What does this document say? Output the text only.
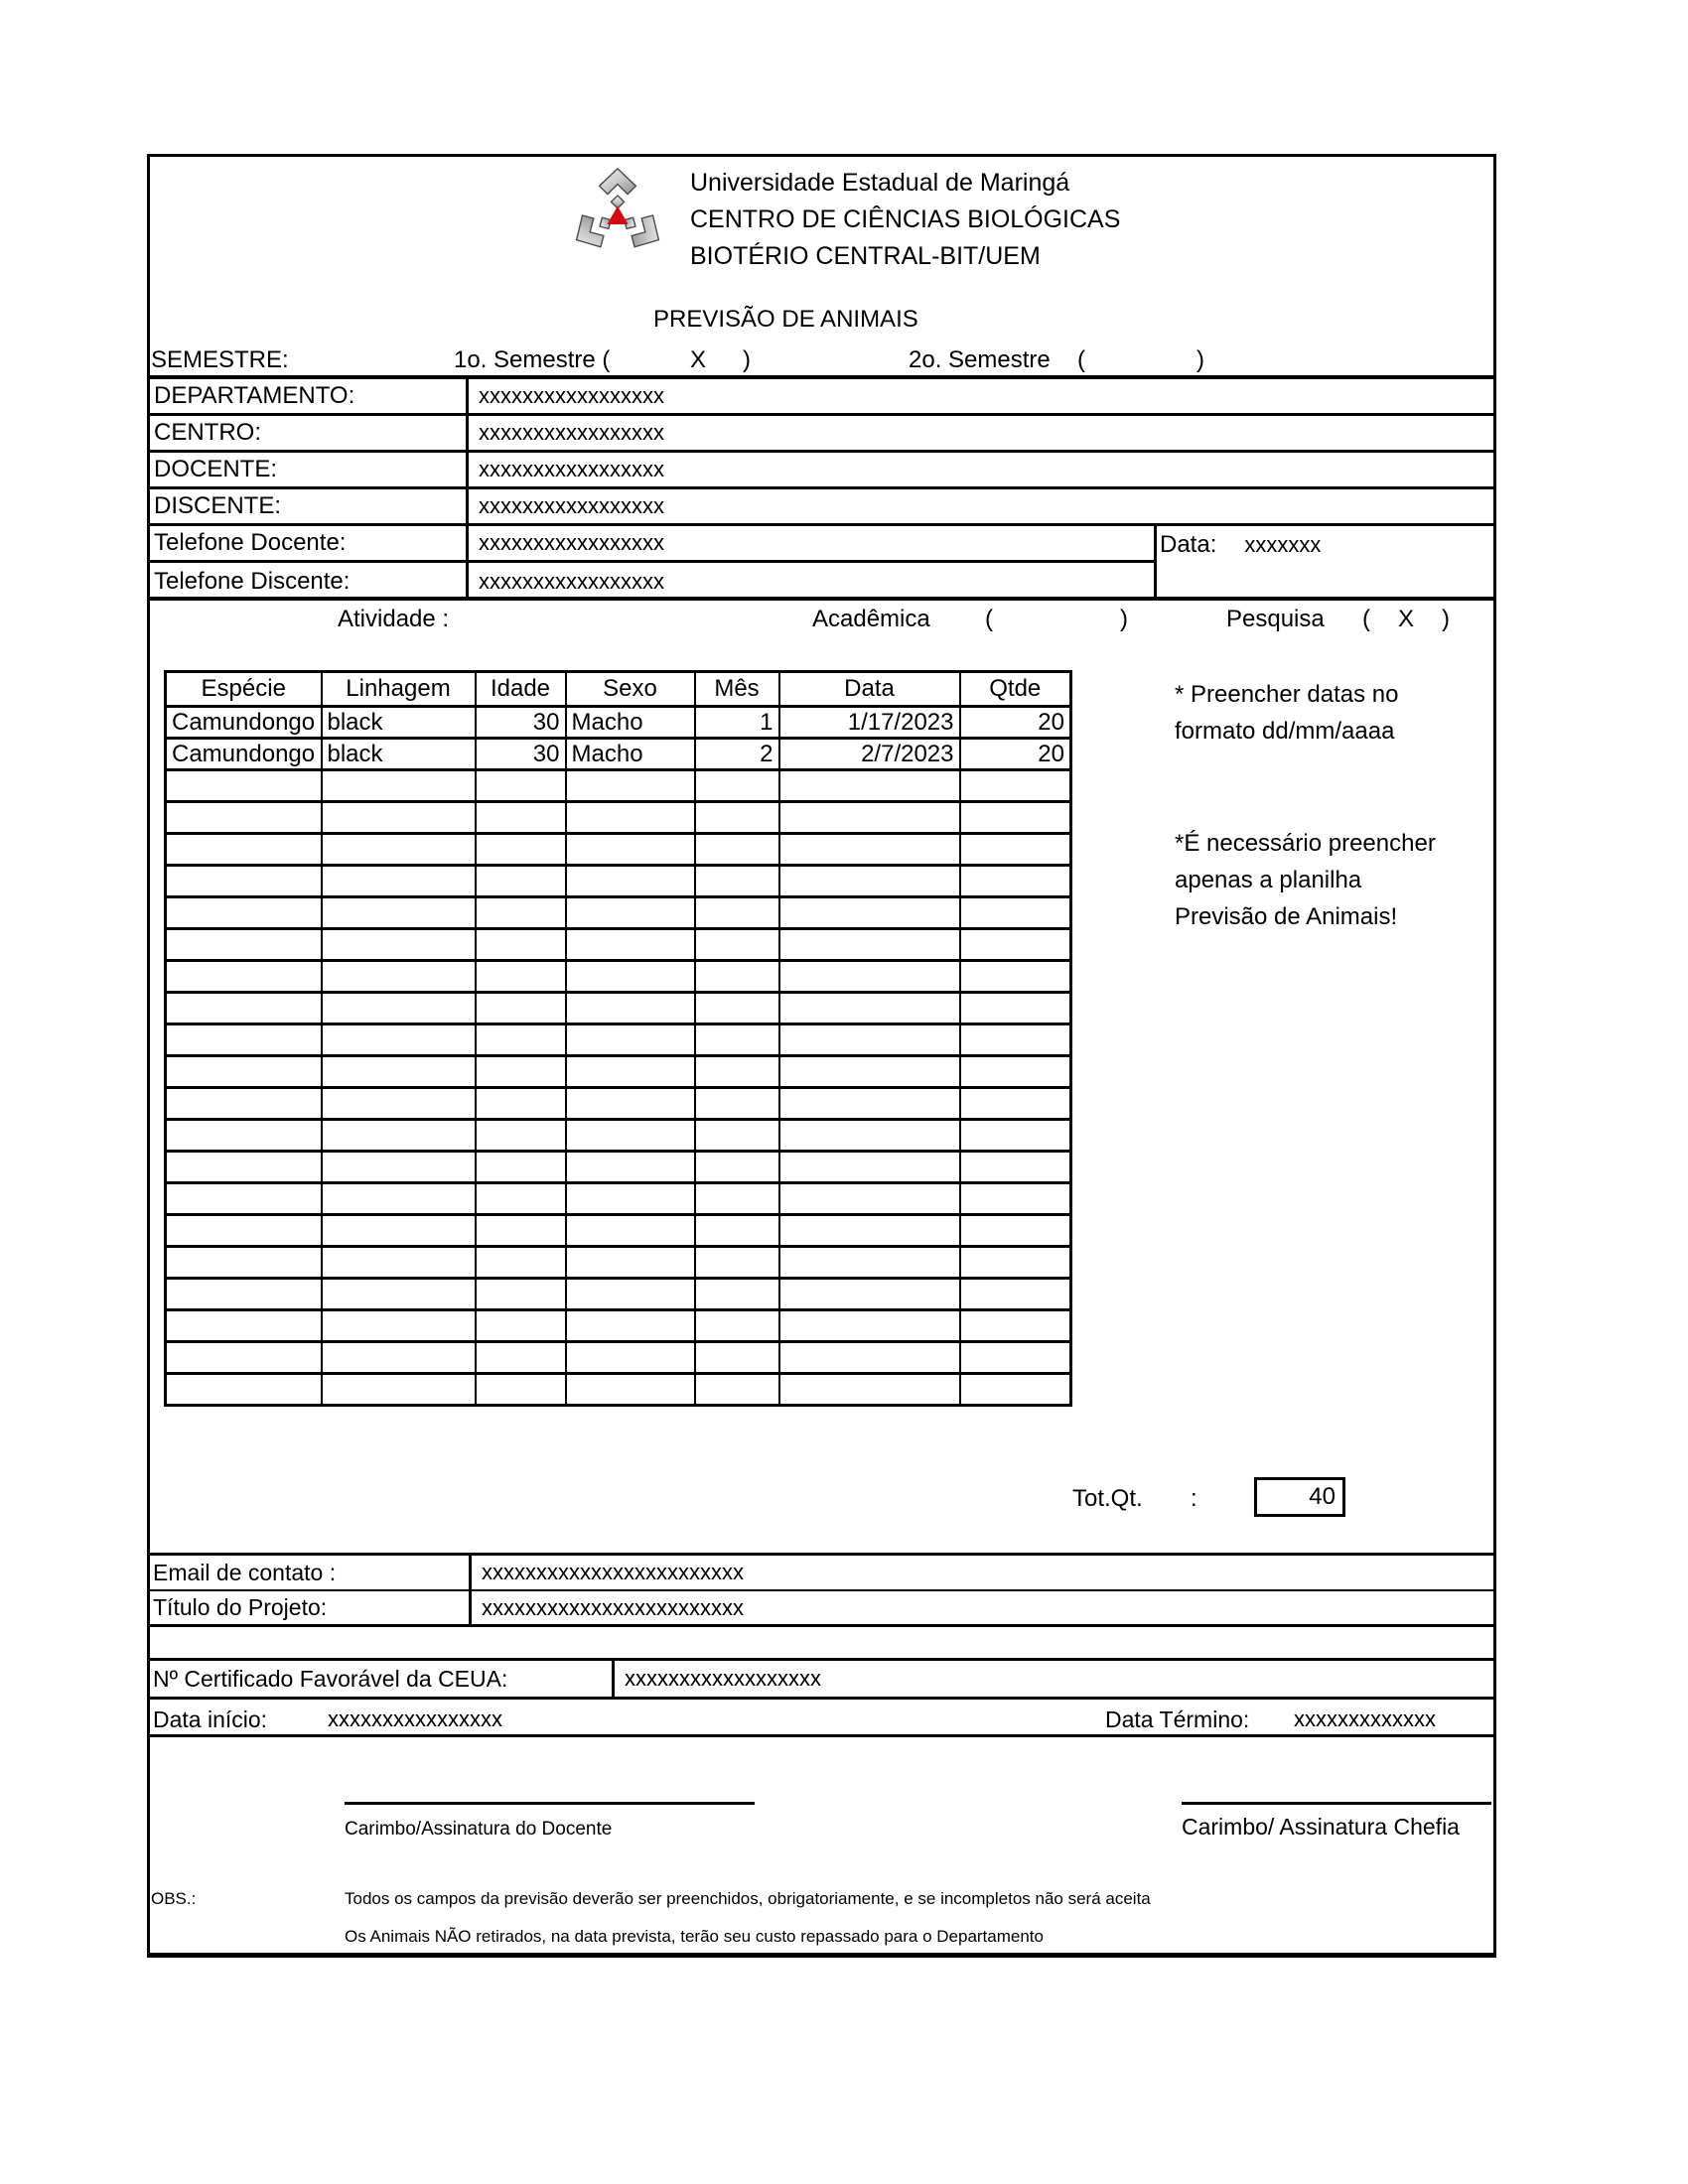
Universidade Estadual de Maringá
CENTRO DE CIÊNCIAS BIOLÓGICAS
BIOTÉRIO CENTRAL-BIT/UEM
PREVISÃO DE ANIMAIS
SEMESTRE:	1o. Semestre (	X )	2o. Semestre (	)
DEPARTAMENTO:	xxxxxxxxxxxxxxxxx
CENTRO:	xxxxxxxxxxxxxxxxx
DOCENTE:	xxxxxxxxxxxxxxxxx
DISCENTE:	xxxxxxxxxxxxxxxxx
Telefone Docente:	xxxxxxxxxxxxxxxxx
Telefone Discente:	xxxxxxxxxxxxxxxxx
Data: xxxxxxx
Atividade :	Acadêmica (	)	Pesquisa ( X )
Espécie	Linhagem	Idade	Sexo	Mês	Data	Qtde
Camundongo	black	30	Macho	1	1/17/2023	20
Camundongo	black	30	Macho	2	2/7/2023	20

* Preencher datas no
formato dd/mm/aaaa
*É necessário preencher
apenas a planilha
Previsão de Animais!
Tot.Qt. :	40
Email de contato :	xxxxxxxxxxxxxxxxxxxxxxxx
Título do Projeto:	xxxxxxxxxxxxxxxxxxxxxxxx
Nº Certificado Favorável da CEUA:	xxxxxxxxxxxxxxxxxx
Data início:	xxxxxxxxxxxxxxxx	Data Término: xxxxxxxxxxxxx
Carimbo/Assinatura do Docente	Carimbo/ Assinatura Chefia
OBS.:	Todos os campos da previsão deverão ser preenchidos, obrigatoriamente, e se incompletos não será aceita
Os Animais NÃO retirados, na data prevista, terão seu custo repassado para o Departamento
